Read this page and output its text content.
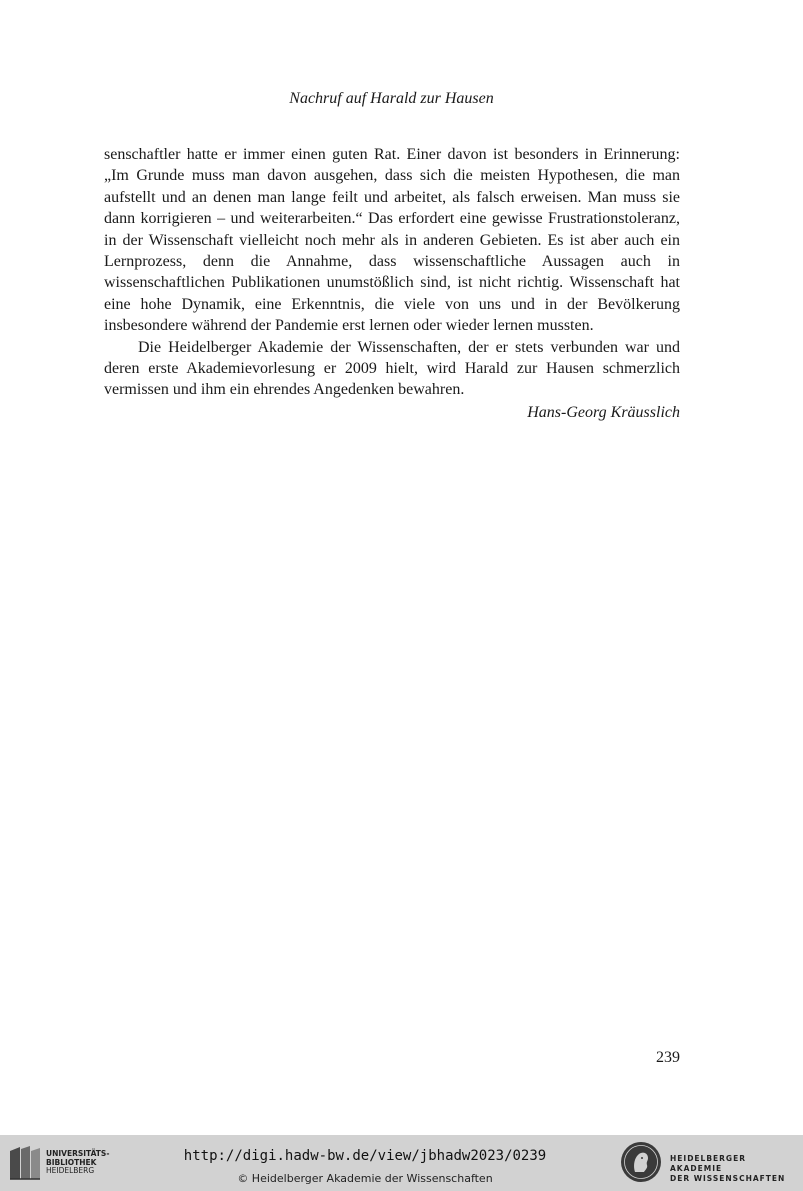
Nachruf auf Harald zur Hausen

senschaftler hatte er immer einen guten Rat. Einer davon ist besonders in Erinnerung: „Im Grunde muss man davon ausgehen, dass sich die meisten Hypothesen, die man aufstellt und an denen man lange feilt und arbeitet, als falsch erweisen. Man muss sie dann korrigieren – und weiterarbeiten.“ Das erfordert eine gewisse Frustrationstoleranz, in der Wissenschaft vielleicht noch mehr als in anderen Gebieten. Es ist aber auch ein Lernprozess, denn die Annahme, dass wissenschaftliche Aussagen auch in wissenschaftlichen Publikationen unumstößlich sind, ist nicht richtig. Wissenschaft hat eine hohe Dynamik, eine Erkenntnis, die viele von uns und in der Bevölkerung insbesondere während der Pandemie erst lernen oder wieder lernen mussten.

Die Heidelberger Akademie der Wissenschaften, der er stets verbunden war und deren erste Akademievorlesung er 2009 hielt, wird Harald zur Hausen schmerzlich vermissen und ihm ein ehrendes Angedenken bewahren.

Hans-Georg Kräusslich
239
UNIVERSITÄTS-
BIBLIOTHEK
HEIDELBERG
http://digi.hadw-bw.de/view/jbhadw2023/0239
© Heidelberger Akademie der Wissenschaften
HEIDELBERGER AKADEMIE
DER WISSENSCHAFTEN
